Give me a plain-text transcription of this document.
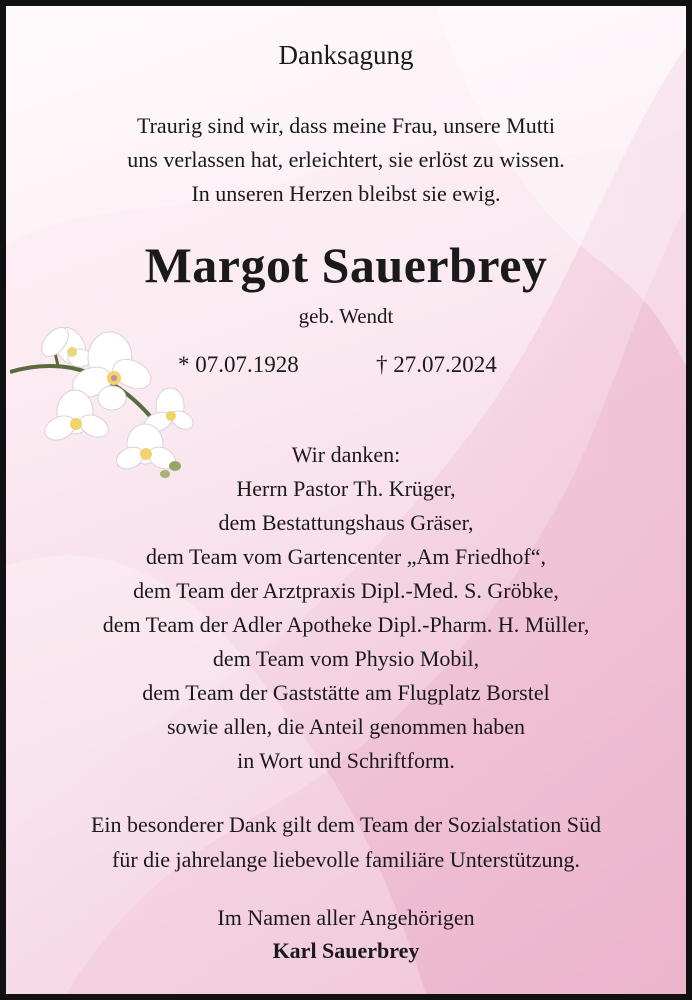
Danksagung
Traurig sind wir, dass meine Frau, unsere Mutti
uns verlassen hat, erleichtert, sie erlöst zu wissen.
In unseren Herzen bleibst sie ewig.
Margot Sauerbrey
geb. Wendt
* 07.07.1928	† 27.07.2024
Wir danken:
Herrn Pastor Th. Krüger,
dem Bestattungshaus Gräser,
dem Team vom Gartencenter „Am Friedhof“,
dem Team der Arztpraxis Dipl.-Med. S. Gröbke,
dem Team der Adler Apotheke Dipl.-Pharm. H. Müller,
dem Team vom Physio Mobil,
dem Team der Gaststätte am Flugplatz Borstel
sowie allen, die Anteil genommen haben
in Wort und Schriftform.
Ein besonderer Dank gilt dem Team der Sozialstation Süd
für die jahrelange liebevolle familiäre Unterstützung.
Im Namen aller Angehörigen
Karl Sauerbrey
